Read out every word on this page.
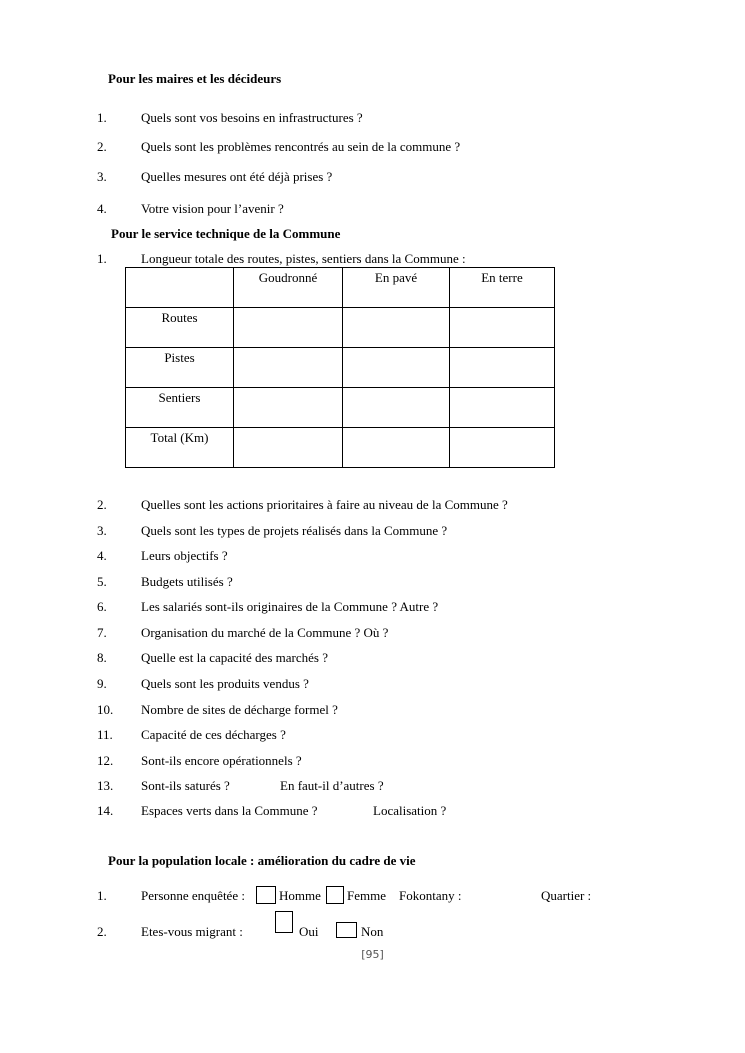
Pour les maires et les décideurs
1.	Quels sont vos besoins en infrastructures ?
2.	Quels sont les problèmes rencontrés au sein de la commune ?
3.	Quelles mesures ont été déjà prises ?
4.	Votre vision pour l’avenir ?
Pour le service technique de la Commune
1.	Longueur totale des routes, pistes, sentiers dans la Commune :

	Goudronné	En pavé	En terre

Routes			

Pistes			

Sentiers			

Total (Km)			

2.	Quelles sont les actions prioritaires à faire au niveau de la Commune ?
3.	Quels sont les types de projets réalisés dans la Commune ?
4.	Leurs objectifs ?
5.	Budgets utilisés ?
6.	Les salariés sont-ils originaires de la Commune ? Autre ?
7.	Organisation du marché de la Commune ? Où ?
8.	Quelle est la capacité des marchés ?
9.	Quels sont les produits vendus ?
10. Nombre de sites de décharge formel ?
11. Capacité de ces décharges ?
12. Sont-ils encore opérationnels ?
13. Sont-ils saturés ?	En faut-il d’autres ?
14. Espaces verts dans la Commune ?	Localisation ?
Pour la population locale : amélioration du cadre de vie
1.	Personne enquêtée :	Homme Femme Fokontany :	Quartier :
2.	Etes-vous migrant :	Oui	Non
[95]
